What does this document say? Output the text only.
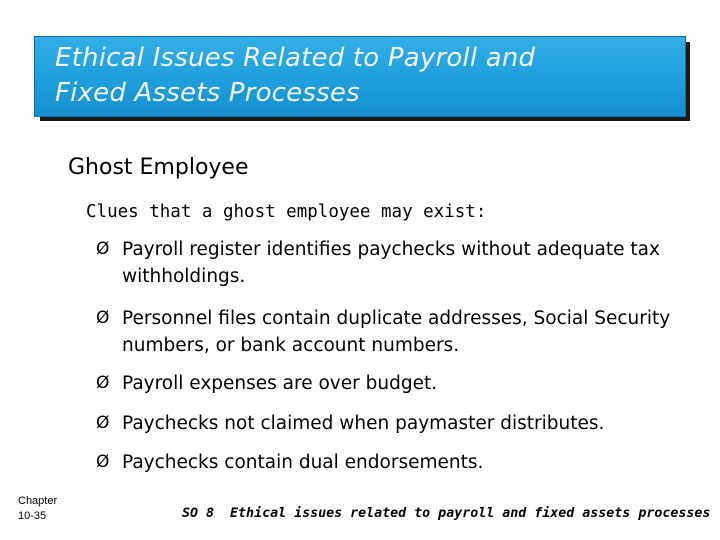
Ethical Issues Related to Payroll and
Fixed Assets Processes
Ghost Employee
Clues that a ghost employee may exist:
Ø Payroll register identifies paychecks without adequate tax withholdings.
Ø Personnel files contain duplicate addresses, Social Security numbers, or bank account numbers.
Ø Payroll expenses are over budget.
Ø Paychecks not claimed when paymaster distributes.
Ø Paychecks contain dual endorsements.
Chapter
10-35	SO 8 Ethical issues related to payroll and fixed assets processes
